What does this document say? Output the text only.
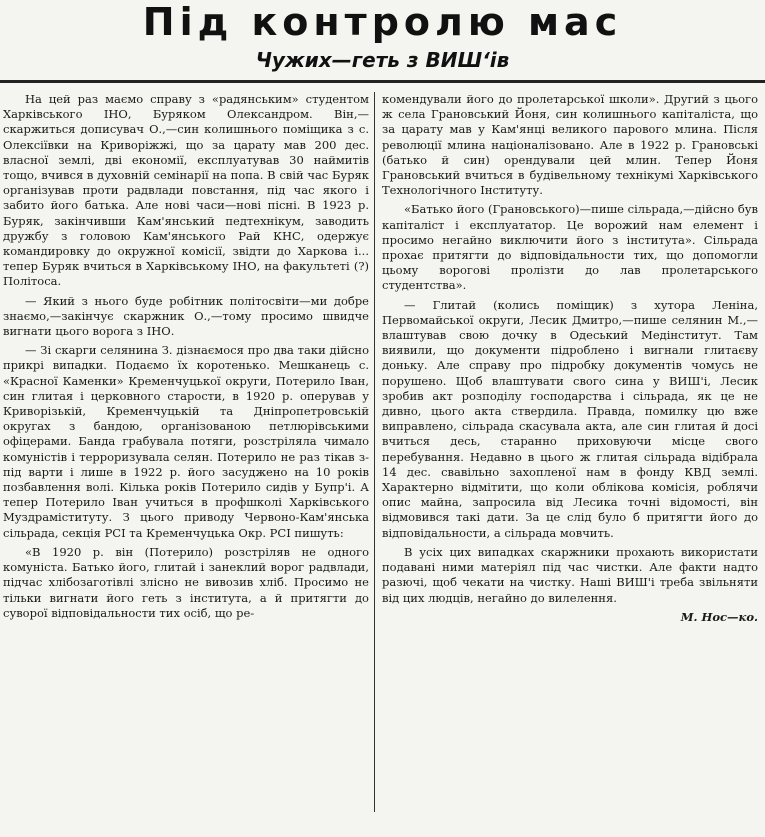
Під контролю мас
Чужих—геть з ВИШ‘ів

На цей раз маємо справу з «радянським» студентом Харківського ІНО, Буряком Олександром. Він,—скаржиться дописувач О.,—син колишнього поміщика з с. Олексіївки на Криворіжжі, що за царату мав 200 дес. власної землі, дві економії, експлуатував 30 наймитів тощо, вчився в духовній семінарії на попа. В свій час Буряк організував проти радвлади повстання, під час якого і забито його батька. Але нові часи—нові пісні. В 1923 р. Буряк, закінчивши Кам'янський педтехнікум, заводить дружбу з головою Кам'янського Рай КНС, одержує командировку до окружної комісії, звідти до Харкова і... тепер Буряк вчиться в Харківському ІНО, на факультеті (?) Політоса.

— Який з нього буде робітник політосвіти—ми добре знаємо,—закінчує скаржник О.,—тому просимо швидче вигнати цього ворога з ІНО.

— Зі скарги селянина З. дізнаємося про два таки дійсно прикрі випадки. Подаємо їх коротенько. Мешканець с. «Красної Каменки» Кременчуцької округи, Потерило Іван, син глитая і церковного старости, в 1920 р. оперував у Криворізькій, Кременчуцькій та Дніпропетровській округах з бандою, організованою петлюрівськими офіцерами. Банда грабувала потяги, розстріляла чимало комуністів і терроризувала селян. Потерило не раз тікав з-під варти і лише в 1922 р. його засуджено на 10 років позбавлення волі. Кілька років Потерило сидів у Бупр'і. А тепер Потерило Іван учиться в профшколі Харківського Муздраміституту. З цього приводу Червоно-Кам'янська сільрада, секція РСІ та Кременчуцька Окр. РСІ пишуть:

«В 1920 р. він (Потерило) розстріляв не одного комуніста. Батько його, глитай і занеклий ворог радвлади, підчас хлібозаготівлі злісно не вивозив хліб. Просимо не тільки вигнати його геть з інститута, а й притягти до суворої відповідальности тих осіб, що ре-

комендували його до пролетарської школи». Другий з цього ж села Грановський Йоня, син колишнього капіталіста, що за царату мав у Кам'янці великого парового млина. Після революції млина націоналізовано. Але в 1922 р. Грановські (батько й син) орендували цей млин. Тепер Йоня Грановський вчиться в будівельному технікумі Харківського Технологічного Інституту.

«Батько його (Грановського)—пише сільрада,—дійсно був капіталіст і експлуататор. Це ворожий нам елемент і просимо негайно виключити його з інститута». Сільрада прохає притягти до відповідальности тих, що допомогли цьому ворогові пролізти до лав пролетарського студентства».

— Глитай (колись поміщик) з хутора Леніна, Первомайської округи, Лесик Дмитро,—пише селянин М.,—влаштував свою дочку в Одеський Медінститут. Там виявили, що документи підроблено і вигнали глитаєву доньку. Але справу про підробку документів чомусь не порушено. Щоб влаштувати свого сина у ВИШ'і, Лесик зробив акт розподілу господарства і сільрада, як це не дивно, цього акта ствердила. Правда, помилку цю вже виправлено, сільрада скасувала акта, але син глитая й досі вчиться десь, старанно приховуючи місце свого перебування. Недавно в цього ж глитая сільрада відібрала 14 дес. свавільно захопленої нам в фонду КВД землі. Характерно відмітити, що коли облікова комісія, роблячи опис майна, запросила від Лесика точні відомості, він відмовився такі дати. За це слід було б притягти його до відповідальности, а сільрада мовчить.

В усіх цих випадках скаржники прохають використати подавані ними матеріял під час чистки. Але факти надто разючі, щоб чекати на чистку. Наші ВИШ'і треба звільняти від цих людців, негайно до вилелення.

М. Нос—ко.
